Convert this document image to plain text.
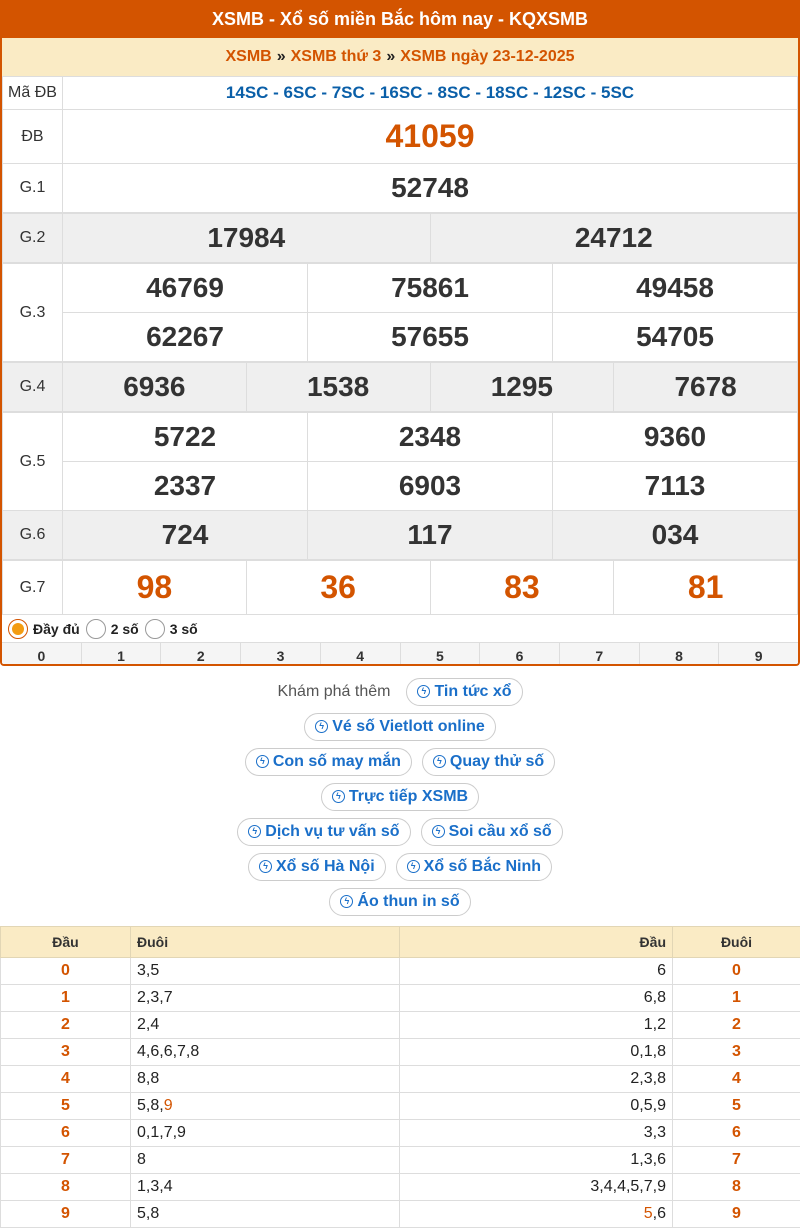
XSMB - Xổ số miền Bắc hôm nay - KQXSMB
XSMB » XSMB thứ 3 » XSMB ngày 23-12-2025
Mã ĐB	14SC - 6SC - 7SC - 16SC - 8SC - 18SC - 12SC - 5SC
ĐB	41059
G.1	52748
G.2	17984	24712
G.3	46769	75861	49458
	62267	57655	54705
G.4	6936	1538	1295	7678
G.5	5722	2348	9360
	2337	6903	7113
G.6	724	117	034
G.7	98	36	83	81
Đầy đủ 2 số 3 số
0	1	2	3	4	5	6	7	8	9
Khám phá thêm	ϟ Tin tức xổ
ϟ Vé số Vietlott online
ϟ Con số may mắn	ϟ Quay thử số
ϟ Trực tiếp XSMB
ϟ Dịch vụ tư vấn số	ϟ Soi cầu xổ số
ϟ Xổ số Hà Nội	ϟ Xổ số Bắc Ninh
ϟ Áo thun in số
Đầu	Đuôi	Đầu	Đuôi
0	3,5	6	0
1	2,3,7	6,8	1
2	2,4	1,2	2
3	4,6,6,7,8	0,1,8	3
4	8,8	2,3,8	4
5	5,8,9	0,5,9	5
6	0,1,7,9	3,3	6
7	8	1,3,6	7
8	1,3,4	3,4,4,5,7,9	8
9	5,8	5,6	9
